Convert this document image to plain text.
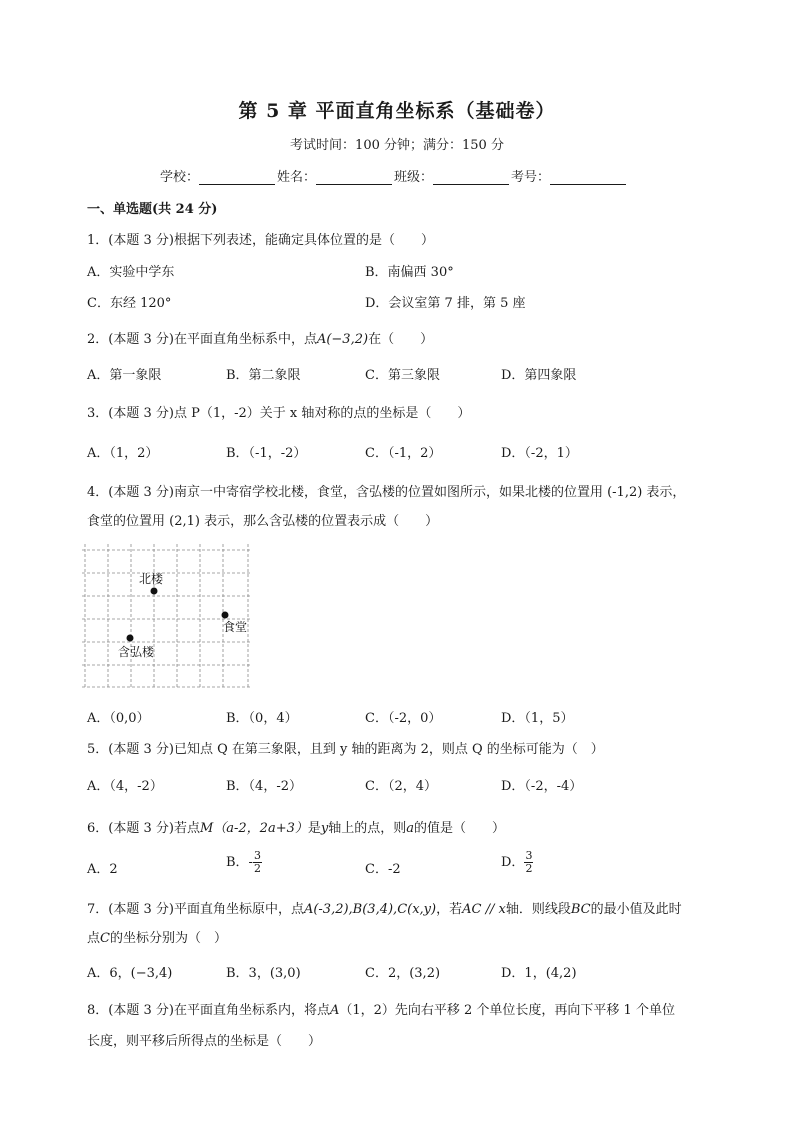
第 5 章 平面直角坐标系（基础卷）
考试时间：100 分钟；满分：150 分
学校：	姓名：	班级：	考号：
一、单选题(共 24 分)
1．(本题 3 分)根据下列表述，能确定具体位置的是（　　）
A．实验中学东	B．南偏西 30°
C．东经 120°	D．会议室第 7 排，第 5 座
2．(本题 3 分)在平面直角坐标系中，点A(−3,2)在（　　）
A．第一象限	B．第二象限	C．第三象限	D．第四象限
3．(本题 3 分)点 P（1，-2）关于 x 轴对称的点的坐标是（　　）
A．（1，2）	B．（-1，-2）	C．（-1，2）	D．（-2，1）
4．(本题 3 分)南京一中寄宿学校北楼，食堂，含弘楼的位置如图所示，如果北楼的位置用 (-1,2) 表示，
食堂的位置用 (2,1) 表示，那么含弘楼的位置表示成（　　）
北楼
食堂
含弘楼
A．（0,0）	B．（0，4）	C．（-2，0）	D．（1，5）
5．(本题 3 分)已知点 Q 在第三象限，且到 y 轴的距离为 2，则点 Q 的坐标可能为（　）
A．（4，-2）	B．（4，-2）	C．（2，4）	D．（-2，-4）
6．(本题 3 分)若点M（a-2，2a+3）是y轴上的点，则a的值是（　　）
A．2	B．- $\frac{3}{2}$	C．-2	D． $\frac{3}{2}$
7．(本题 3 分)平面直角坐标原中，点A(-3,2),B(3,4),C(x,y)，若AC // x轴．则线段BC的最小值及此时
点C的坐标分别为（　）
A．6，(−3,4)	B．3，(3,0)	C．2，(3,2)	D．1，(4,2)
8．(本题 3 分)在平面直角坐标系内，将点A（1，2）先向右平移 2 个单位长度，再向下平移 1 个单位
长度，则平移后所得点的坐标是（　　）
